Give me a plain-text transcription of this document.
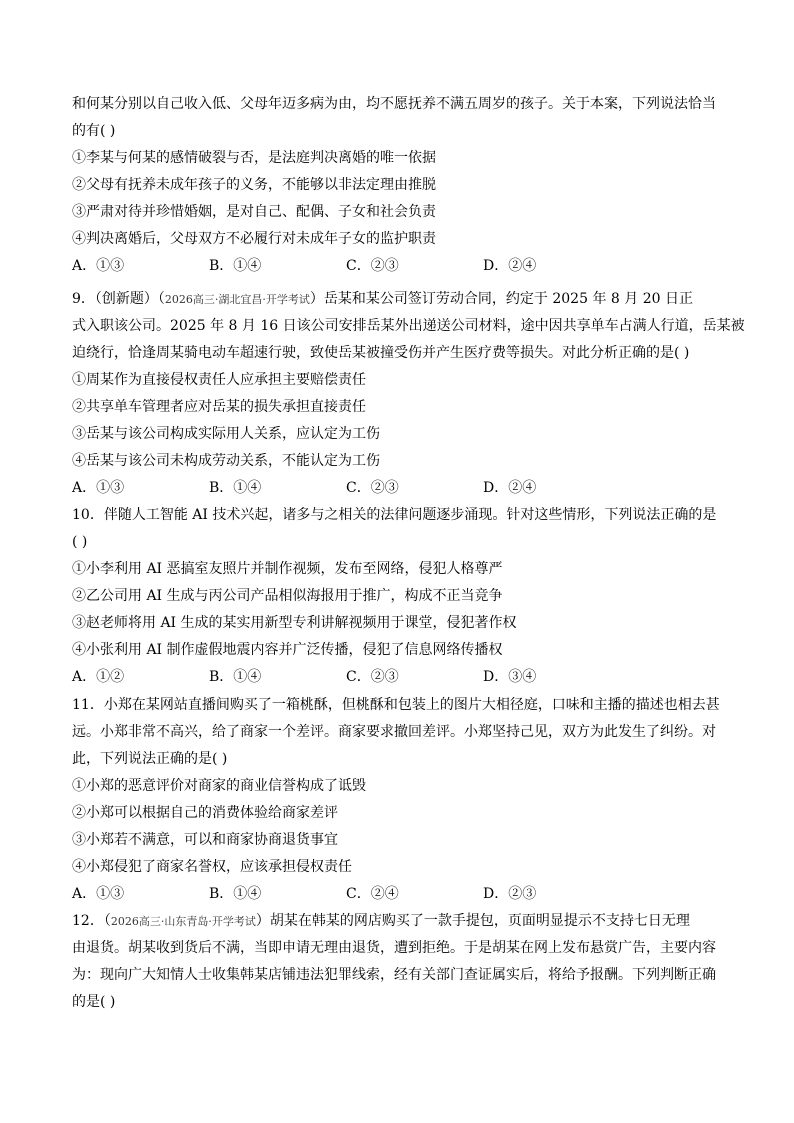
和何某分别以自己收入低、父母年迈多病为由，均不愿抚养不满五周岁的孩子。关于本案，下列说法恰当
的有( )
①李某与何某的感情破裂与否，是法庭判决离婚的唯一依据
②父母有抚养未成年孩子的义务，不能够以非法定理由推脱
③严肃对待并珍惜婚姻，是对自己、配偶、子女和社会负责
④判决离婚后，父母双方不必履行对未成年子女的监护职责
A．①③	B．①④	C．②③	D．②④
9．（创新题）（2026高三·湖北宜昌·开学考试）岳某和某公司签订劳动合同，约定于 2025 年 8 月 20 日正
式入职该公司。2025 年 8 月 16 日该公司安排岳某外出递送公司材料，途中因共享单车占满人行道，岳某被
迫绕行，恰逢周某骑电动车超速行驶，致使岳某被撞受伤并产生医疗费等损失。对此分析正确的是( )
①周某作为直接侵权责任人应承担主要赔偿责任
②共享单车管理者应对岳某的损失承担直接责任
③岳某与该公司构成实际用人关系，应认定为工伤
④岳某与该公司未构成劳动关系，不能认定为工伤
A．①③	B．①④	C．②③	D．②④
10．伴随人工智能 AI 技术兴起，诸多与之相关的法律问题逐步涌现。针对这些情形，下列说法正确的是
( )
①小李利用 AI 恶搞室友照片并制作视频，发布至网络，侵犯人格尊严
②乙公司用 AI 生成与丙公司产品相似海报用于推广，构成不正当竞争
③赵老师将用 AI 生成的某实用新型专利讲解视频用于课堂，侵犯著作权
④小张利用 AI 制作虚假地震内容并广泛传播，侵犯了信息网络传播权
A．①②	B．①④	C．②③	D．③④
11．小郑在某网站直播间购买了一箱桃酥，但桃酥和包装上的图片大相径庭，口味和主播的描述也相去甚
远。小郑非常不高兴，给了商家一个差评。商家要求撤回差评。小郑坚持己见，双方为此发生了纠纷。对
此，下列说法正确的是( )
①小郑的恶意评价对商家的商业信誉构成了诋毁
②小郑可以根据自己的消费体验给商家差评
③小郑若不满意，可以和商家协商退货事宜
④小郑侵犯了商家名誉权，应该承担侵权责任
A．①③	B．①④	C．②④	D．②③
12．（2026高三·山东青岛·开学考试）胡某在韩某的网店购买了一款手提包，页面明显提示不支持七日无理
由退货。胡某收到货后不满，当即申请无理由退货，遭到拒绝。于是胡某在网上发布悬赏广告，主要内容
为：现向广大知情人士收集韩某店铺违法犯罪线索，经有关部门查证属实后，将给予报酬。下列判断正确
的是( )
